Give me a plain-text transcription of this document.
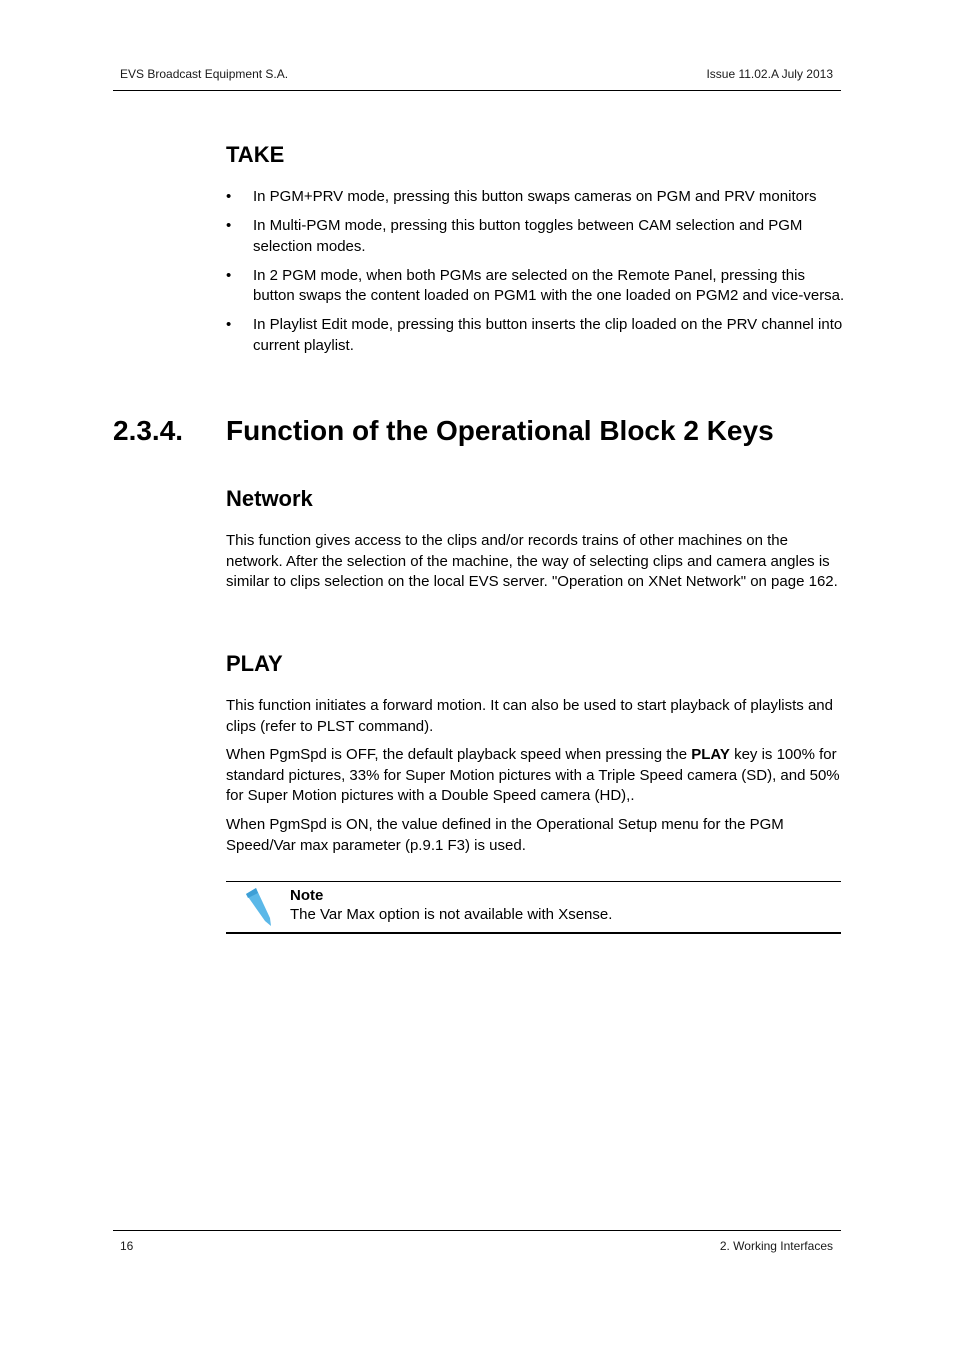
EVS Broadcast Equipment S.A.	Issue 11.02.A July 2013
TAKE
• In PGM+PRV mode, pressing this button swaps cameras on PGM and PRV monitors
• In Multi-PGM mode, pressing this button toggles between CAM selection and PGM selection modes.
• In 2 PGM mode, when both PGMs are selected on the Remote Panel, pressing this button swaps the content loaded on PGM1 with the one loaded on PGM2 and vice-versa.
• In Playlist Edit mode, pressing this button inserts the clip loaded on the PRV channel into current playlist.
2.3.4. Function of the Operational Block 2 Keys
Network
This function gives access to the clips and/or records trains of other machines on the network. After the selection of the machine, the way of selecting clips and camera angles is similar to clips selection on the local EVS server. "Operation on XNet Network" on page 162.
PLAY
This function initiates a forward motion. It can also be used to start playback of playlists and clips (refer to PLST command).
When PgmSpd is OFF, the default playback speed when pressing the PLAY key is 100% for standard pictures, 33% for Super Motion pictures with a Triple Speed camera (SD), and 50% for Super Motion pictures with a Double Speed camera (HD),.
When PgmSpd is ON, the value defined in the Operational Setup menu for the PGM Speed/Var max parameter (p.9.1 F3) is used.
Note
The Var Max option is not available with Xsense.
16	2. Working Interfaces
